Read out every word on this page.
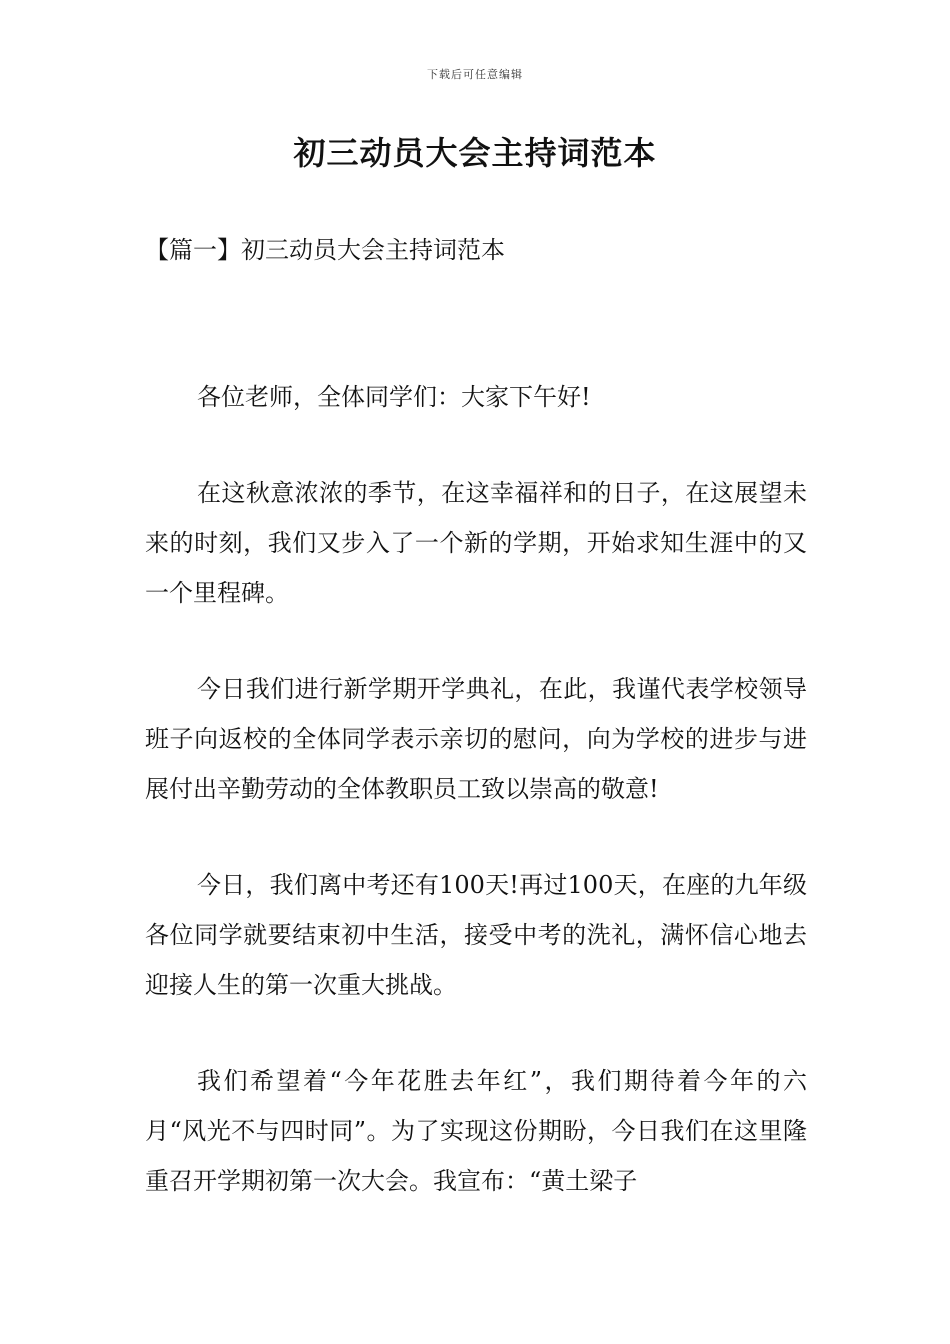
下载后可任意编辑
初三动员大会主持词范本
【篇一】初三动员大会主持词范本

各位老师，全体同学们：大家下午好!

在这秋意浓浓的季节，在这幸福祥和的日子，在这展望未来的时刻，我们又步入了一个新的学期，开始求知生涯中的又一个里程碑。

今日我们进行新学期开学典礼，在此，我谨代表学校领导班子向返校的全体同学表示亲切的慰问，向为学校的进步与进展付出辛勤劳动的全体教职员工致以崇高的敬意!

今日，我们离中考还有100天!再过100天，在座的九年级各位同学就要结束初中生活，接受中考的洗礼，满怀信心地去迎接人生的第一次重大挑战。

我们希望着“今年花胜去年红”，我们期待着今年的六月“风光不与四时同”。为了实现这份期盼，今日我们在这里隆重召开学期初第一次大会。我宣布：“黄土梁子
